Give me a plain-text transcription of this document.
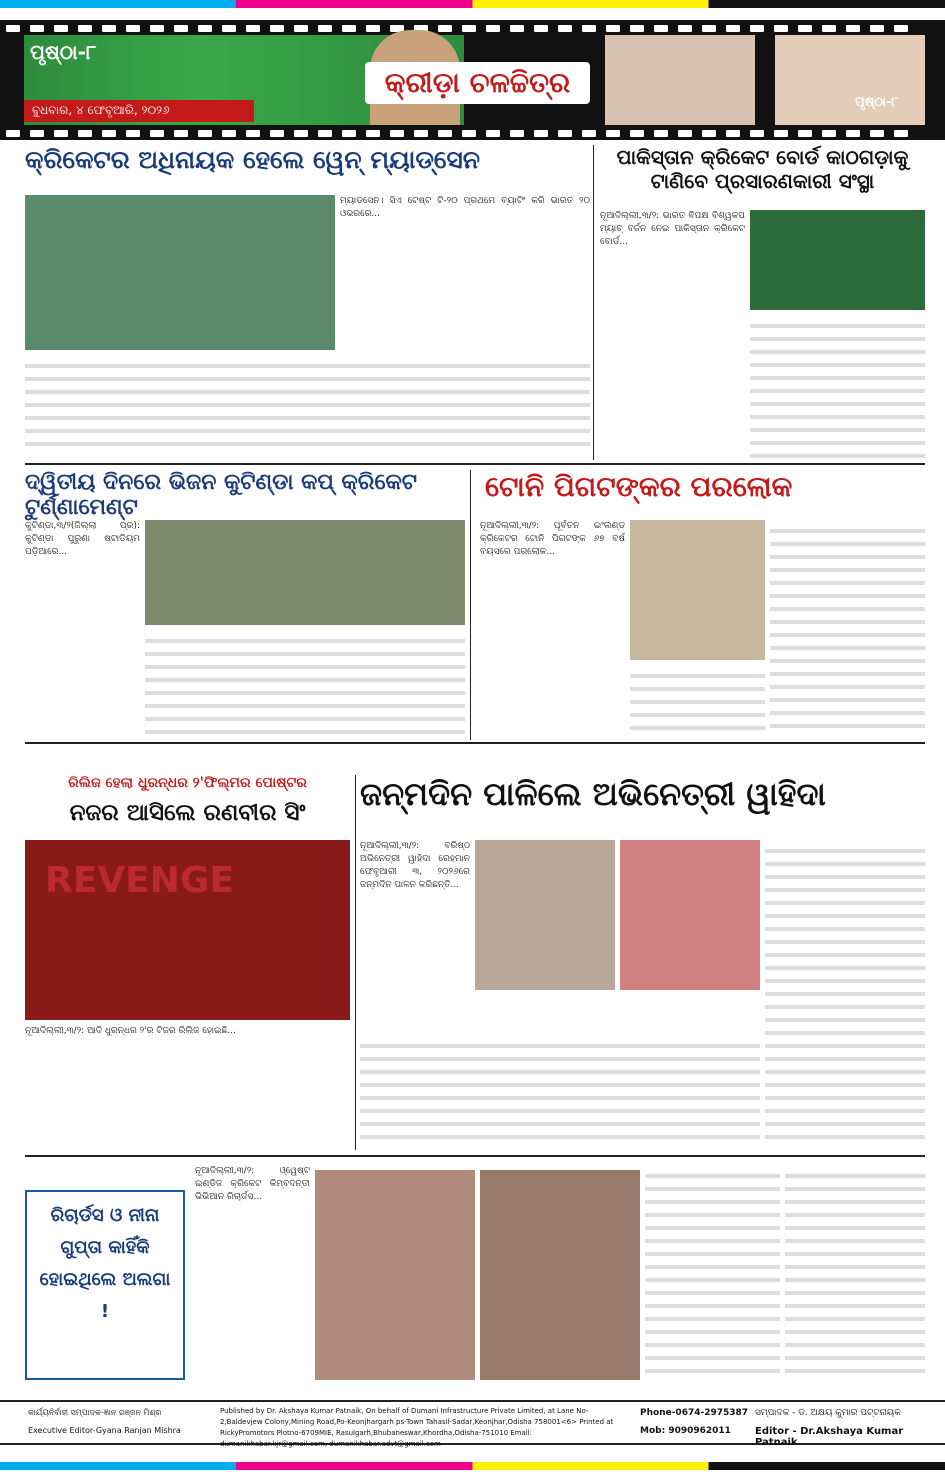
ପୃଷ୍ଠା-୮
ବୁଧବାର, ୪ ଫେବୃଆରି, ୨୦୨୬
କ୍ରୀଡ଼ା ଚଳଚ୍ଚିତ୍ର
ପୃଷ୍ଠା-୮
କ୍ରିକେଟର ଅଧିନାୟକ ହେଲେ ୱେନ୍ ମ୍ୟାଡ୍‌ସେନ
ମ୍ୟାଡସେନ। ସିଏ ଟେଷ୍ଟ ଟି-୨୦ ପ୍ରଥମେ ବ୍ୟାଟିଂ କରି ଭାରତ ୨୦ ଓଭରରେ...
ପାକିସ୍ତାନ କ୍ରିକେଟ ବୋର୍ଡ କାଠଗଡ଼ାକୁ ଟାଣିବେ ପ୍ରସାରଣକାରୀ ସଂସ୍ଥା
ନୂଆଦିଲ୍ଲୀ,୩/୨: ଭାରତ ବିପକ୍ଷ ବିଶ୍ୱକପ ମ୍ୟାଚ୍ ବର୍ଜନ ନେଇ ପାକିସ୍ତାନ କ୍ରିକେଟ ବୋର୍ଡ...
ଦ୍ୱିତୀୟ ଦିନରେ ଭିଜନ କୁଟିଣ୍ଡା କପ୍ କ୍ରିକେଟ ଟୁର୍ଣ୍ଣାମେଣ୍ଟ
କୁଟିଣ୍ଡା,୩/୨(ଜିଲ୍ଲା ପ୍ର): କୁଟିଣ୍ଡା ପୁରୁଣା ଷ୍ଟାଡିୟମ ପଡ଼ିଆରେ...
ଟୋନି ପିଗଟଙ୍କର ପରଲୋକ
ନୂଆଦିଲ୍ଲୀ,୩/୨: ପୂର୍ବତନ ଇଂଲଣ୍ଡ କ୍ରିକେଟର ଟୋନି ପିଗଟଙ୍କ ୬୭ ବର୍ଷ ବୟସରେ ପରଲୋକ...
ରିଲିଜ ହେଲା ଧୁରନ୍ଧର ୨'ଫିଲ୍ମର ପୋଷ୍ଟର
ନଜର ଆସିଲେ ରଣବୀର ସିଂ
REVENGE
ନୂଆଦିଲ୍ଲୀ,୩/୨: ଆଦି ଧୁରନ୍ଧର ୨'ର ଟିଜର ରିଲିଜ ହୋଇଛି...
ଜନ୍ମଦିନ ପାଳିଲେ ଅଭିନେତ୍ରୀ ୱାହିଦା
ନୂଆଦିଲ୍ଲୀ,୩/୨: ବରିଷ୍ଠ ଅଭିନେତ୍ରୀ ୱାହିଦା ରେହମାନ ଫେବୃଆରୀ ୩, ୨୦୨୬ରେ ଜନ୍ମଦିନ ପାଳନ କରିଛନ୍ତି...
ରିଚାର୍ଡସ ଓ ନୀନା ଗୁପ୍ତା କାହିଁକି ହୋଇଥିଲେ ଅଲଗା !
ନୂଆଦିଲ୍ଲୀ,୩/୨: ଓ୍ୱେଷ୍ଟ ଇଣ୍ଡିଜ କ୍ରିକେଟ କିମ୍ବଦନ୍ତୀ ଭିଭିଆନ ରିଚାର୍ଡସ...
କାର୍ଯ୍ୟନିର୍ବାହୀ ସମ୍ପାଦକ-ଜ୍ଞାନ ରଞ୍ଜନ ମିଶ୍ର
Executive Editor-Gyana Ranjan Mishra
Published by Dr. Akshaya Kumar Patnaik, On behalf of Dumani Infrastructure Private Limited, at Lane No-2,Baldevjew Colony,Mining Road,Po-Keonjhargarh ps-Town Tahasil-Sadar,Keonjhar,Odisha 758001<6> Printed at RickyPromotors Plotno-6709MIE, Rasulgarh,Bhubaneswar,Khordha,Odisha-751010 Email: dumanikhabar.kjr@gmail.com, dumanikhabar.advt@gmail.com
Phone-0674-2975387
Mob: 9090962011
ସମ୍ପାଦକ - ଡ. ଅକ୍ଷୟ କୁମାର ପଟ୍ଟନାୟକ
Editor - Dr.Akshaya Kumar Patnaik
